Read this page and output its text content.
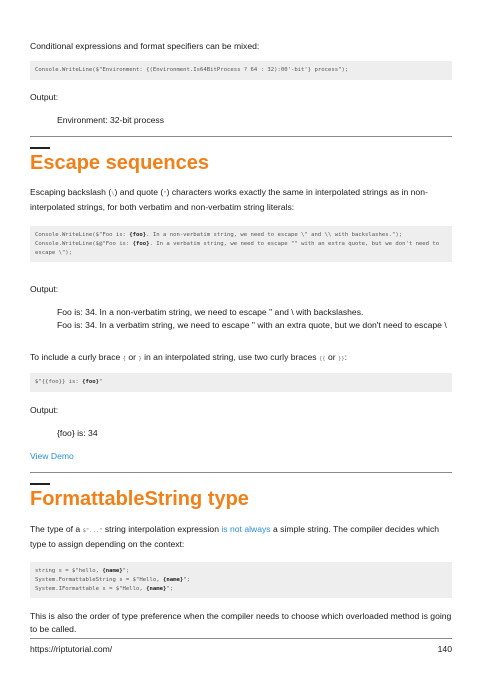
Conditional expressions and format specifiers can be mixed:

Console.WriteLine($"Environment: {(Environment.Is64BitProcess ? 64 : 32):00'-bit'} process");

Output:

Environment: 32-bit process
Escape sequences

Escaping backslash (\) and quote (") characters works exactly the same in interpolated strings as in non-interpolated strings, for both verbatim and non-verbatim string literals:

Console.WriteLine($"Foo is: {foo}. In a non-verbatim string, we need to escape \" and \\ with backslashes.");
Console.WriteLine($@"Foo is: {foo}. In a verbatim string, we need to escape "" with an extra quote, but we don't need to escape \");

Output:

Foo is: 34. In a non-verbatim string, we need to escape " and \ with backslashes.
Foo is: 34. In a verbatim string, we need to escape " with an extra quote, but we don't need to escape \

To include a curly brace { or } in an interpolated string, use two curly braces {{ or }}:

$"{{foo}} is: {foo}"

Output:

{foo} is: 34
View Demo
FormattableString type

The type of a $"..." string interpolation expression is not always a simple string. The compiler decides which type to assign depending on the context:

string s = $"hello, {name}";
System.FormattableString s = $"Hello, {name}";
System.IFormattable s = $"Hello, {name}";

This is also the order of type preference when the compiler needs to choose which overloaded method is going to be called.

https://riptutorial.com/	140
